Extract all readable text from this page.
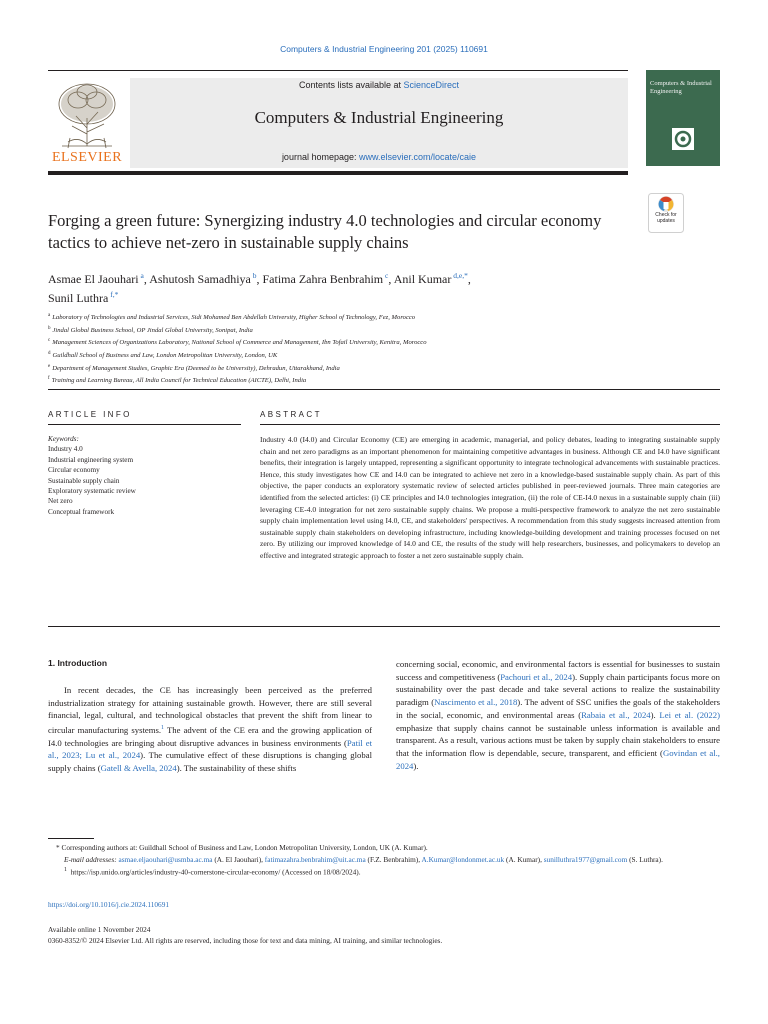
Computers & Industrial Engineering 201 (2025) 110691
ELSEVIER
Contents lists available at ScienceDirect
Computers & Industrial Engineering
journal homepage: www.elsevier.com/locate/caie
Computers & Industrial Engineering
Check for updates
Forging a green future: Synergizing industry 4.0 technologies and circular economy tactics to achieve net-zero in sustainable supply chains
Asmae El Jaouhari $^a$, Ashutosh Samadhiya $^b$, Fatima Zahra Benbrahim $^c$, Anil Kumar $^{d,e,*}$,
Sunil Luthra $^{f,*}$
$^a$ Laboratory of Technologies and Industrial Services, Sidi Mohamed Ben Abdellah University, Higher School of Technology, Fez, Morocco
$^b$ Jindal Global Business School, OP Jindal Global University, Sonipat, India
$^c$ Management Sciences of Organizations Laboratory, National School of Commerce and Management, Ibn Tofail University, Kenitra, Morocco
$^d$ Guildhall School of Business and Law, London Metropolitan University, London, UK
$^e$ Department of Management Studies, Graphic Era (Deemed to be University), Dehradun, Uttarakhand, India
$^f$ Training and Learning Bureau, All India Council for Technical Education (AICTE), Delhi, India
ARTICLE INFO
Keywords:
Industry 4.0
Industrial engineering system
Circular economy
Sustainable supply chain
Exploratory systematic review
Net zero
Conceptual framework
ABSTRACT
Industry 4.0 (I4.0) and Circular Economy (CE) are emerging in academic, managerial, and policy debates, leading to integrating sustainable supply chain and net zero paradigms as an important phenomenon for maintaining competitive advantages in business. Although CE and I4.0 have significant benefits, their integration is largely untapped, representing a significant opportunity to integrate technological advancements with sustainable practices. Hence, this study investigates how CE and I4.0 can be integrated to achieve net zero in a knowledge-based sustainable supply chain. As part of this objective, the paper conducts an exploratory systematic review of selected articles published in peer-reviewed journals. Three main categories are identified from the selected articles: (i) CE principles and I4.0 technologies integration, (ii) the role of CE-I4.0 nexus in a sustainable supply chain (iii) leveraging CE-4.0 integration for net zero sustainable supply chains. We propose a multi-perspective framework to analyze the net zero sustainable supply chain implementation level using I4.0, CE, and stakeholders' perspectives. A recommendation from this study suggests increased attention from sustainable supply chain stakeholders on developing infrastructure, including knowledge-building development and training processes focused on net zero. By utilizing our improved knowledge of I4.0 and CE, the results of the study will help researchers, businesses, and policymakers to develop an effective and integrated strategic approach to foster a net zero sustainable supply chain.
1. Introduction
In recent decades, the CE has increasingly been perceived as the preferred industrialization strategy for attaining sustainable growth. However, there are still several financial, legal, cultural, and technological obstacles that prevent the shift from linear to circular manufacturing systems.$^1$ The advent of the CE era and the growing application of I4.0 technologies are bringing about disruptive advances in business environments (Patil et al., 2023; Lu et al., 2024). The cumulative effect of these disruptions is changing global supply chains (Gatell & Avella, 2024). The sustainability of these shifts
concerning social, economic, and environmental factors is essential for businesses to sustain success and competitiveness (Pachouri et al., 2024). Supply chain participants focus more on sustainability over the past decade and take several actions to realize the sustainability paradigm (Nascimento et al., 2018). The advent of SSC unifies the goals of the stakeholders in the social, economic, and environmental areas (Rabaia et al., 2024). Lei et al. (2022) emphasize that supply chains cannot be sustainable unless information is available and transparent. As a result, various actions must be taken by supply chain stakeholders to ensure that the information flow is dependable, secure, transparent, and efficient (Govindan et al., 2024).
* Corresponding authors at: Guildhall School of Business and Law, London Metropolitan University, London, UK (A. Kumar).
E-mail addresses: asmae.eljaouhari@usmba.ac.ma (A. El Jaouhari), fatimazahra.benbrahim@uit.ac.ma (F.Z. Benbrahim), A.Kumar@londonmet.ac.uk (A. Kumar), sunilluthra1977@gmail.com (S. Luthra).
$^1$ https://isp.unido.org/articles/industry-40-cornerstone-circular-economy/ (Accessed on 18/08/2024).
https://doi.org/10.1016/j.cie.2024.110691
Available online 1 November 2024
0360-8352/© 2024 Elsevier Ltd. All rights are reserved, including those for text and data mining, AI training, and similar technologies.
